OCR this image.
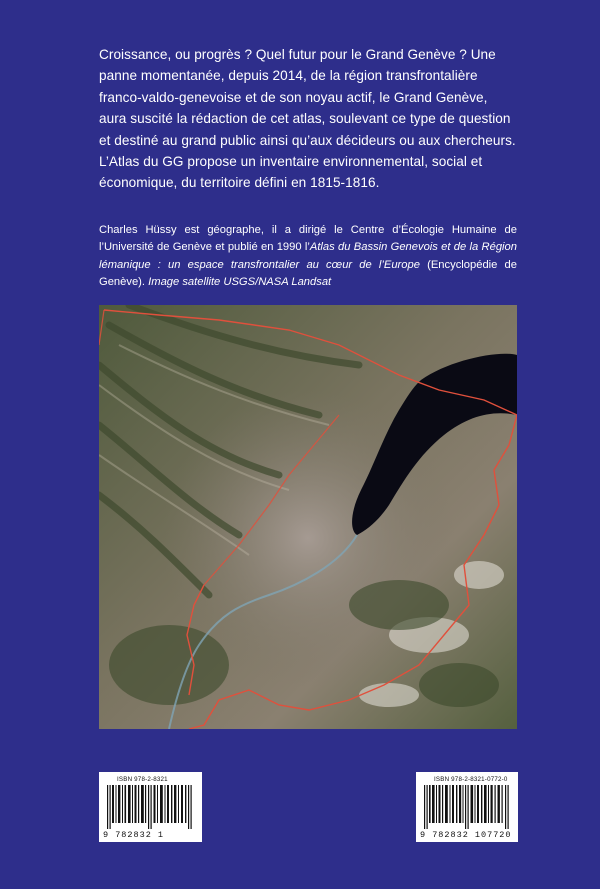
Croissance, ou progrès ? Quel futur pour le Grand Genève ? Une
panne momentanée, depuis 2014, de la région transfrontalière
franco-valdo-genevoise et de son noyau actif, le Grand Genève,
aura suscité la rédaction de cet atlas, soulevant ce type de question
et destiné au grand public ainsi qu’aux décideurs ou aux chercheurs.
L’Atlas du GG propose un inventaire environnemental, social et
économique, du territoire défini en 1815-1816.
Charles Hüssy est géographe, il a dirigé le Centre d’Écologie Humaine de l’Université de Genève et publié en 1990 l’Atlas du Bassin Genevois et de la Région lémanique : un espace transfrontalier au cœur de l’Europe (Encyclopédie de Genève). Image satellite USGS/NASA Landsat
ISBN 978-2-8321
9 782832 1
ISBN 978-2-8321-0772-0
9 782832 107720
